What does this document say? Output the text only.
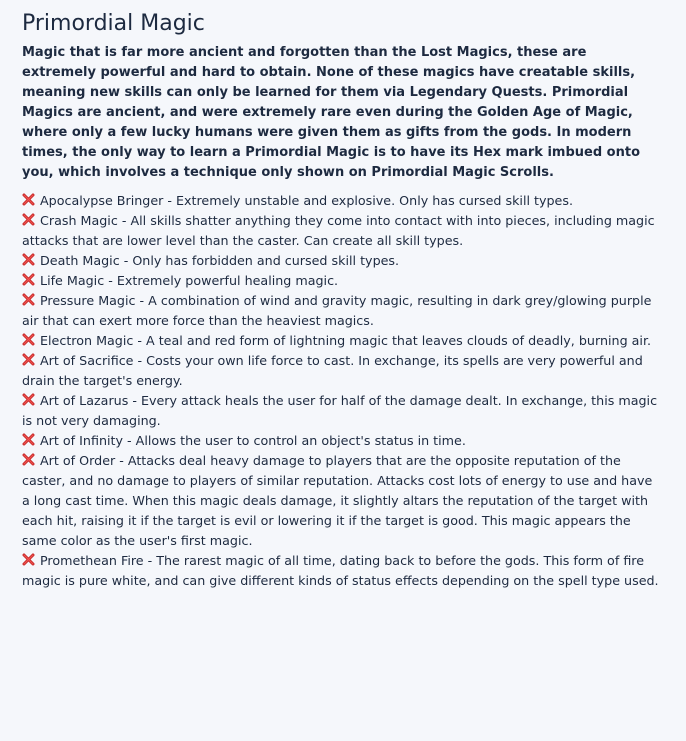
Primordial Magic

Magic that is far more ancient and forgotten than the Lost Magics, these are extremely powerful and hard to obtain. None of these magics have creatable skills, meaning new skills can only be learned for them via Legendary Quests. Primordial Magics are ancient, and were extremely rare even during the Golden Age of Magic, where only a few lucky humans were given them as gifts from the gods. In modern times, the only way to learn a Primordial Magic is to have its Hex mark imbued onto you, which involves a technique only shown on Primordial Magic Scrolls.

Apocalypse Bringer - Extremely unstable and explosive. Only has cursed skill types.
Crash Magic - All skills shatter anything they come into contact with into pieces, including magic attacks that are lower level than the caster. Can create all skill types.
Death Magic - Only has forbidden and cursed skill types.
Life Magic - Extremely powerful healing magic.
Pressure Magic - A combination of wind and gravity magic, resulting in dark grey/glowing purple air that can exert more force than the heaviest magics.
Electron Magic - A teal and red form of lightning magic that leaves clouds of deadly, burning air.
Art of Sacrifice - Costs your own life force to cast. In exchange, its spells are very powerful and drain the target's energy.
Art of Lazarus - Every attack heals the user for half of the damage dealt. In exchange, this magic is not very damaging.
Art of Infinity - Allows the user to control an object's status in time.
Art of Order - Attacks deal heavy damage to players that are the opposite reputation of the caster, and no damage to players of similar reputation. Attacks cost lots of energy to use and have a long cast time. When this magic deals damage, it slightly altars the reputation of the target with each hit, raising it if the target is evil or lowering it if the target is good. This magic appears the same color as the user's first magic.
Promethean Fire - The rarest magic of all time, dating back to before the gods. This form of fire magic is pure white, and can give different kinds of status effects depending on the spell type used.
